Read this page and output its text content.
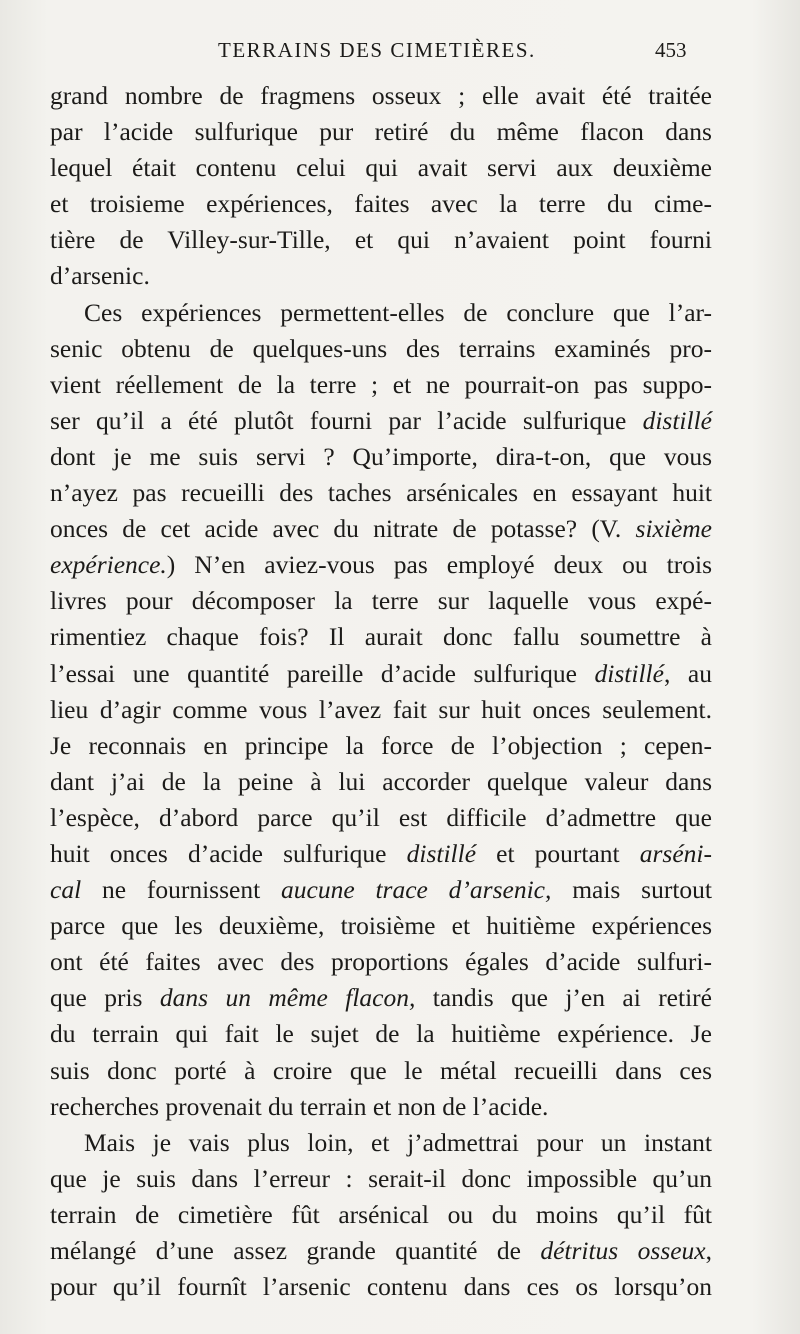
TERRAINS DES CIMETIÈRES.	453
grand nombre de fragmens osseux ; elle avait été traitée
par l’acide sulfurique pur retiré du même flacon dans
lequel était contenu celui qui avait servi aux deuxième
et troisieme expériences, faites avec la terre du cime-
tière de Villey-sur-Tille, et qui n’avaient point fourni
d’arsenic.
Ces expériences permettent-elles de conclure que l’ar-
senic obtenu de quelques-uns des terrains examinés pro-
vient réellement de la terre ; et ne pourrait-on pas suppo-
ser qu’il a été plutôt fourni par l’acide sulfurique distillé
dont je me suis servi ? Qu’importe, dira-t-on, que vous
n’ayez pas recueilli des taches arsénicales en essayant huit
onces de cet acide avec du nitrate de potasse? (V. sixième
expérience.) N’en aviez-vous pas employé deux ou trois
livres pour décomposer la terre sur laquelle vous expé-
rimentiez chaque fois? Il aurait donc fallu soumettre à
l’essai une quantité pareille d’acide sulfurique distillé, au
lieu d’agir comme vous l’avez fait sur huit onces seulement.
Je reconnais en principe la force de l’objection ; cepen-
dant j’ai de la peine à lui accorder quelque valeur dans
l’espèce, d’abord parce qu’il est difficile d’admettre que
huit onces d’acide sulfurique distillé et pourtant arséni-
cal ne fournissent aucune trace d’arsenic, mais surtout
parce que les deuxième, troisième et huitième expériences
ont été faites avec des proportions égales d’acide sulfuri-
que pris dans un même flacon, tandis que j’en ai retiré
du terrain qui fait le sujet de la huitième expérience. Je
suis donc porté à croire que le métal recueilli dans ces
recherches provenait du terrain et non de l’acide.
Mais je vais plus loin, et j’admettrai pour un instant
que je suis dans l’erreur : serait-il donc impossible qu’un
terrain de cimetière fût arsénical ou du moins qu’il fût
mélangé d’une assez grande quantité de détritus osseux,
pour qu’il fournît l’arsenic contenu dans ces os lorsqu’on
